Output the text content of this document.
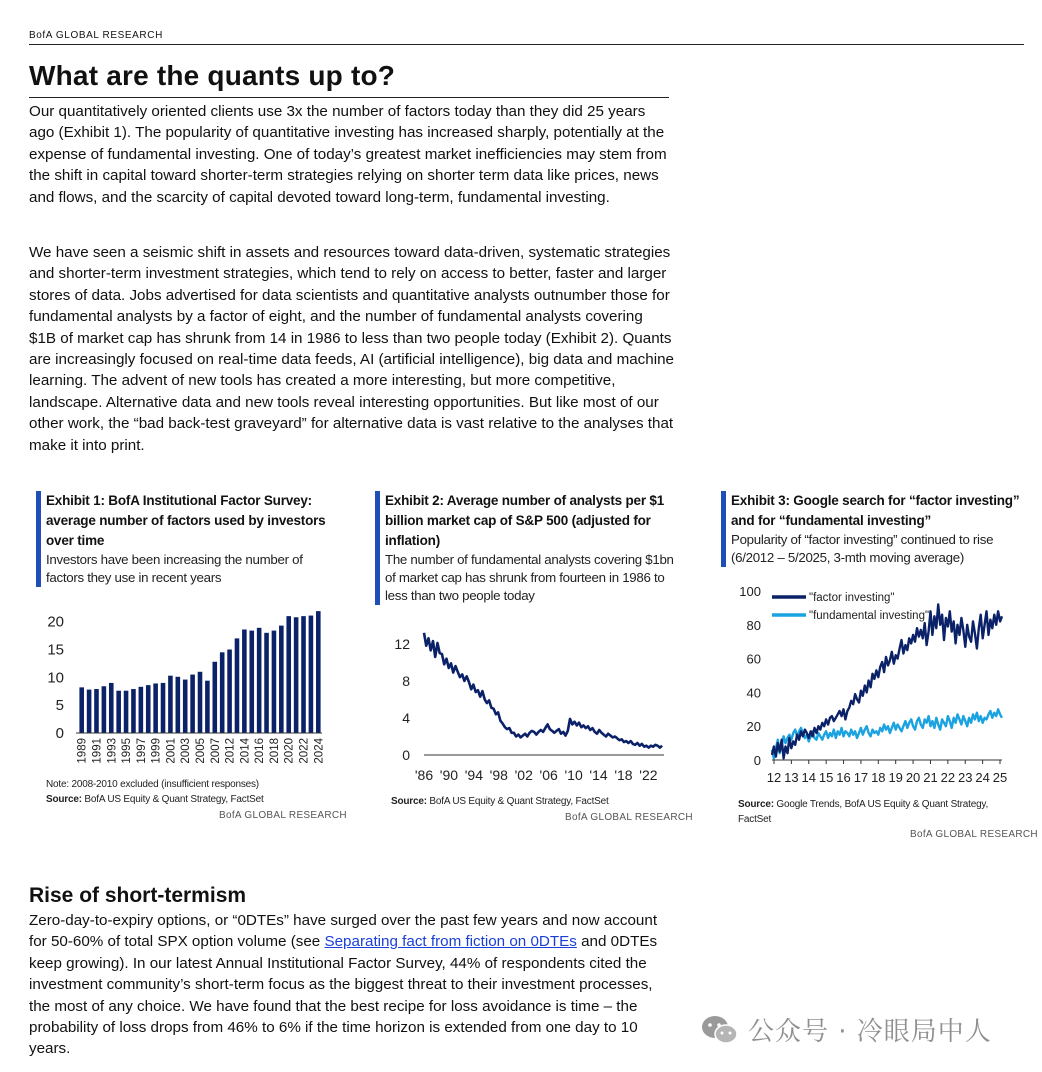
BofA GLOBAL RESEARCH
What are the quants up to?
Our quantitatively oriented clients use 3x the number of factors today than they did 25 years ago (Exhibit 1). The popularity of quantitative investing has increased sharply, potentially at the expense of fundamental investing. One of today’s greatest market inefficiencies may stem from the shift in capital toward shorter-term strategies relying on shorter term data like prices, news and flows, and the scarcity of capital devoted toward long-term, fundamental investing.
We have seen a seismic shift in assets and resources toward data-driven, systematic strategies and shorter-term investment strategies, which tend to rely on access to better, faster and larger stores of data. Jobs advertised for data scientists and quantitative analysts outnumber those for fundamental analysts by a factor of eight, and the number of fundamental analysts covering $1B of market cap has shrunk from 14 in 1986 to less than two people today (Exhibit 2). Quants are increasingly focused on real-time data feeds, AI (artificial intelligence), big data and machine learning. The advent of new tools has created a more interesting, but more competitive, landscape. Alternative data and new tools reveal interesting opportunities. But like most of our other work, the “bad back-test graveyard” for alternative data is vast relative to the analyses that make it into print.
Exhibit 1: BofA Institutional Factor Survey: average number of factors used by investors over time
Investors have been increasing the number of factors they use in recent years
0
5
10
15
20
1989 1991 1993 1995 1997 1999 2001 2003 2005 2007 2012 2014 2016 2018 2020 2022 2024
Note: 2008-2010 excluded (insufficient responses)
Source: BofA US Equity & Quant Strategy, FactSet
BofA GLOBAL RESEARCH
Exhibit 2: Average number of analysts per $1 billion market cap of S&P 500 (adjusted for inflation)
The number of fundamental analysts covering $1bn of market cap has shrunk from fourteen in 1986 to less than two people today
0
4
8
12
'86 '90 '94 '98 '02 '06 '10 '14 '18 '22
Source: BofA US Equity & Quant Strategy, FactSet
BofA GLOBAL RESEARCH
Exhibit 3: Google search for “factor investing” and for “fundamental investing”
Popularity of “factor investing” continued to rise (6/2012 – 5/2025, 3-mth moving average)
0
20
40
60
80
100
12 13 14 15 16 17 18 19 20 21 22 23 24 25
"factor investing"
"fundamental investing"
Source: Google Trends, BofA US Equity & Quant Strategy, FactSet
BofA GLOBAL RESEARCH
Rise of short-termism
Zero-day-to-expiry options, or “0DTEs” have surged over the past few years and now account for 50-60% of total SPX option volume (see Separating fact from fiction on 0DTEs and 0DTEs keep growing). In our latest Annual Institutional Factor Survey, 44% of respondents cited the investment community’s short-term focus as the biggest threat to their investment processes, the most of any choice. We have found that the best recipe for loss avoidance is time – the probability of loss drops from 46% to 6% if the time horizon is extended from one day to 10 years.
公众号 · 冷眼局中人
